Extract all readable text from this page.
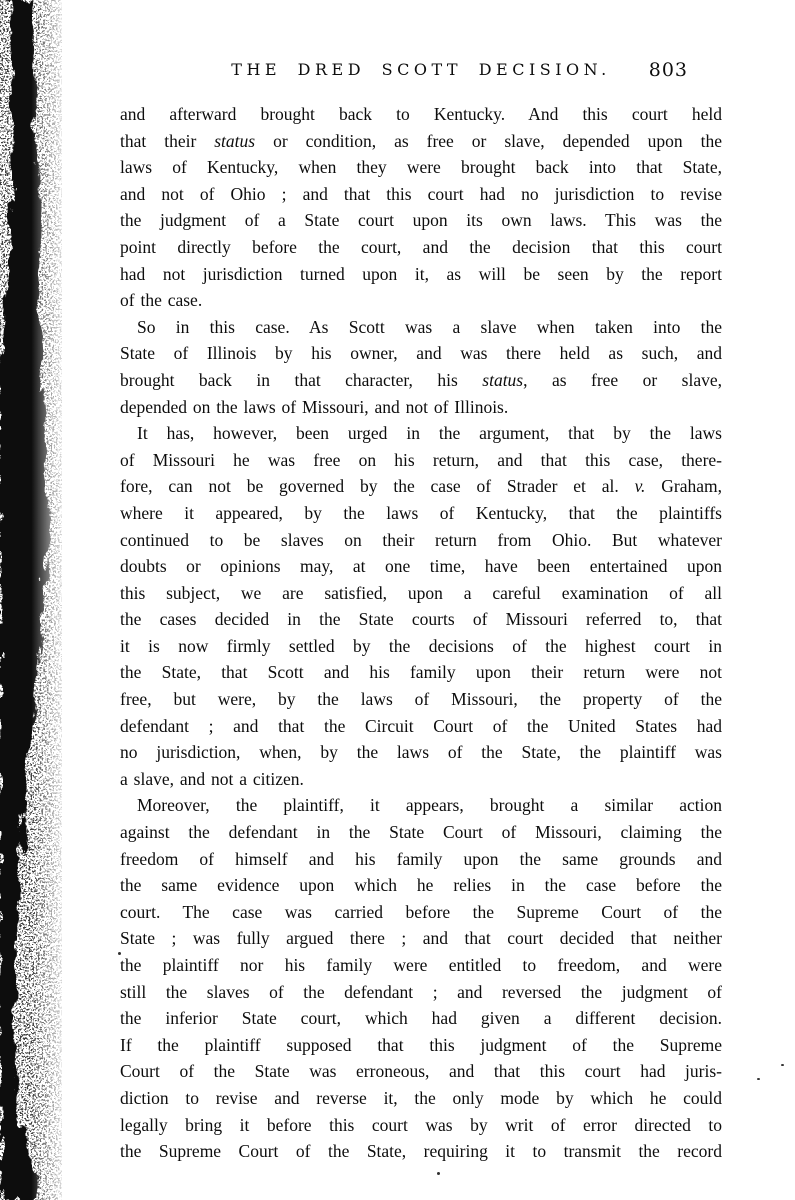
THE DRED SCOTT DECISION.	803
and afterward brought back to Kentucky. And this court held
that their status or condition, as free or slave, depended upon the
laws of Kentucky, when they were brought back into that State,
and not of Ohio ; and that this court had no jurisdiction to revise
the judgment of a State court upon its own laws. This was the
point directly before the court, and the decision that this court
had not jurisdiction turned upon it, as will be seen by the report
of the case.
So in this case. As Scott was a slave when taken into the
State of Illinois by his owner, and was there held as such, and
brought back in that character, his status, as free or slave,
depended on the laws of Missouri, and not of Illinois.
It has, however, been urged in the argument, that by the laws
of Missouri he was free on his return, and that this case, there-
fore, can not be governed by the case of Strader et al. v. Graham,
where it appeared, by the laws of Kentucky, that the plaintiffs
continued to be slaves on their return from Ohio. But whatever
doubts or opinions may, at one time, have been entertained upon
this subject, we are satisfied, upon a careful examination of all
the cases decided in the State courts of Missouri referred to, that
it is now firmly settled by the decisions of the highest court in
the State, that Scott and his family upon their return were not
free, but were, by the laws of Missouri, the property of the
defendant ; and that the Circuit Court of the United States had
no jurisdiction, when, by the laws of the State, the plaintiff was
a slave, and not a citizen.
Moreover, the plaintiff, it appears, brought a similar action
against the defendant in the State Court of Missouri, claiming the
freedom of himself and his family upon the same grounds and
the same evidence upon which he relies in the case before the
court. The case was carried before the Supreme Court of the
State ; was fully argued there ; and that court decided that neither
the plaintiff nor his family were entitled to freedom, and were
still the slaves of the defendant ; and reversed the judgment of
the inferior State court, which had given a different decision.
If the plaintiff supposed that this judgment of the Supreme
Court of the State was erroneous, and that this court had juris-
diction to revise and reverse it, the only mode by which he could
legally bring it before this court was by writ of error directed to
the Supreme Court of the State, requiring it to transmit the record
